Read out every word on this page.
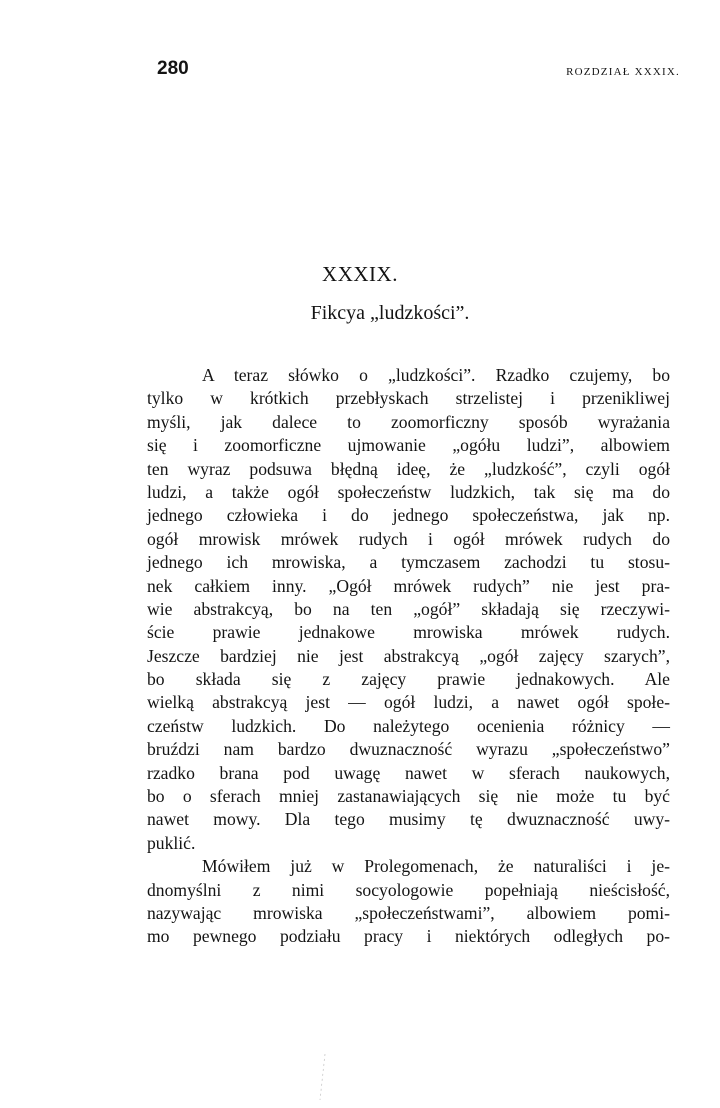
280	ROZDZIAŁ XXXIX.
XXXIX.
Fikcya „ludzkości”.
A teraz słówko o „ludzkości”. Rzadko czujemy, bo
tylko w krótkich przebłyskach strzelistej i przenikliwej
myśli, jak dalece to zoomorficzny sposób wyrażania
się i zoomorficzne ujmowanie „ogółu ludzi”, albowiem
ten wyraz podsuwa błędną ideę, że „ludzkość”, czyli ogół
ludzi, a także ogół społeczeństw ludzkich, tak się ma do
jednego człowieka i do jednego społeczeństwa, jak np.
ogół mrowisk mrówek rudych i ogół mrówek rudych do
jednego ich mrowiska, a tymczasem zachodzi tu stosu-
nek całkiem inny. „Ogół mrówek rudych” nie jest pra-
wie abstrakcyą, bo na ten „ogół” składają się rzeczywi-
ście prawie jednakowe mrowiska mrówek rudych.
Jeszcze bardziej nie jest abstrakcyą „ogół zajęcy szarych”,
bo składa się z zajęcy prawie jednakowych. Ale
wielką abstrakcyą jest — ogół ludzi, a nawet ogół społe-
czeństw ludzkich. Do należytego ocenienia różnicy —
bruździ nam bardzo dwuznaczność wyrazu „społeczeństwo”
rzadko brana pod uwagę nawet w sferach naukowych,
bo o sferach mniej zastanawiających się nie może tu być
nawet mowy. Dla tego musimy tę dwuznaczność uwy-
puklić.
Mówiłem już w Prolegomenach, że naturaliści i je-
dnomyślni z nimi socyologowie popełniają nieścisłość,
nazywając mrowiska „społeczeństwami”, albowiem pomi-
mo pewnego podziału pracy i niektórych odległych po-
